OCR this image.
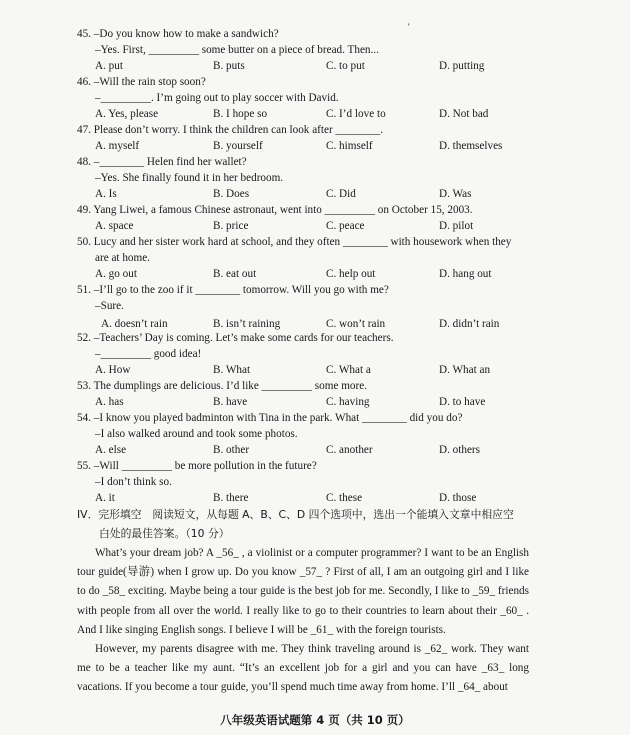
'
45. –Do you know how to make a sandwich?
–Yes. First, _________ some butter on a piece of bread. Then...
A. put	B. puts	C. to put	D. putting
46. –Will the rain stop soon?
–_________. I’m going out to play soccer with David.
A. Yes, please	B. I hope so	C. I’d love to	D. Not bad
47. Please don’t worry. I think the children can look after ________.
A. myself	B. yourself	C. himself	D. themselves
48. –________ Helen find her wallet?
–Yes. She finally found it in her bedroom.
A. Is	B. Does	C. Did	D. Was
49. Yang Liwei, a famous Chinese astronaut, went into _________ on October 15, 2003.
A. space	B. price	C. peace	D. pilot
50. Lucy and her sister work hard at school, and they often ________ with housework when they
are at home.
A. go out	B. eat out	C. help out	D. hang out
51. –I’ll go to the zoo if it ________ tomorrow. Will you go with me?
–Sure.
A. doesn’t rain	B. isn’t raining	C. won’t rain	D. didn’t rain
52. –Teachers’ Day is coming. Let’s make some cards for our teachers.
–_________ good idea!
A. How	B. What	C. What a	D. What an
53. The dumplings are delicious. I’d like _________ some more.
A. has	B. have	C. having	D. to have
54. –I know you played badminton with Tina in the park. What ________ did you do?
–I also walked around and took some photos.
A. else	B. other	C. another	D. others
55. –Will _________ be more pollution in the future?
–I don’t think so.
A. it	B. there	C. these	D. those
IV．完形填空　阅读短文，从每题 A、B、C、D 四个选项中，选出一个能填入文章中相应空
白处的最佳答案。（10 分）

What’s your dream job? A _56_ , a violinist or a computer programmer? I want to be an English tour guide(导游) when I grow up. Do you know _57_ ? First of all, I am an outgoing girl and I like to do _58_ exciting. Maybe being a tour guide is the best job for me. Secondly, I like to _59_ friends with people from all over the world. I really like to go to their countries to learn about their _60_ . And I like singing English songs. I believe I will be _61_ with the foreign tourists.

However, my parents disagree with me. They think traveling around is _62_ work. They want me to be a teacher like my aunt. “It’s an excellent job for a girl and you can have _63_ long vacations. If you become a tour guide, you’ll spend much time away from home. I’ll _64_ about

八年级英语试题第 4 页（共 10 页）
